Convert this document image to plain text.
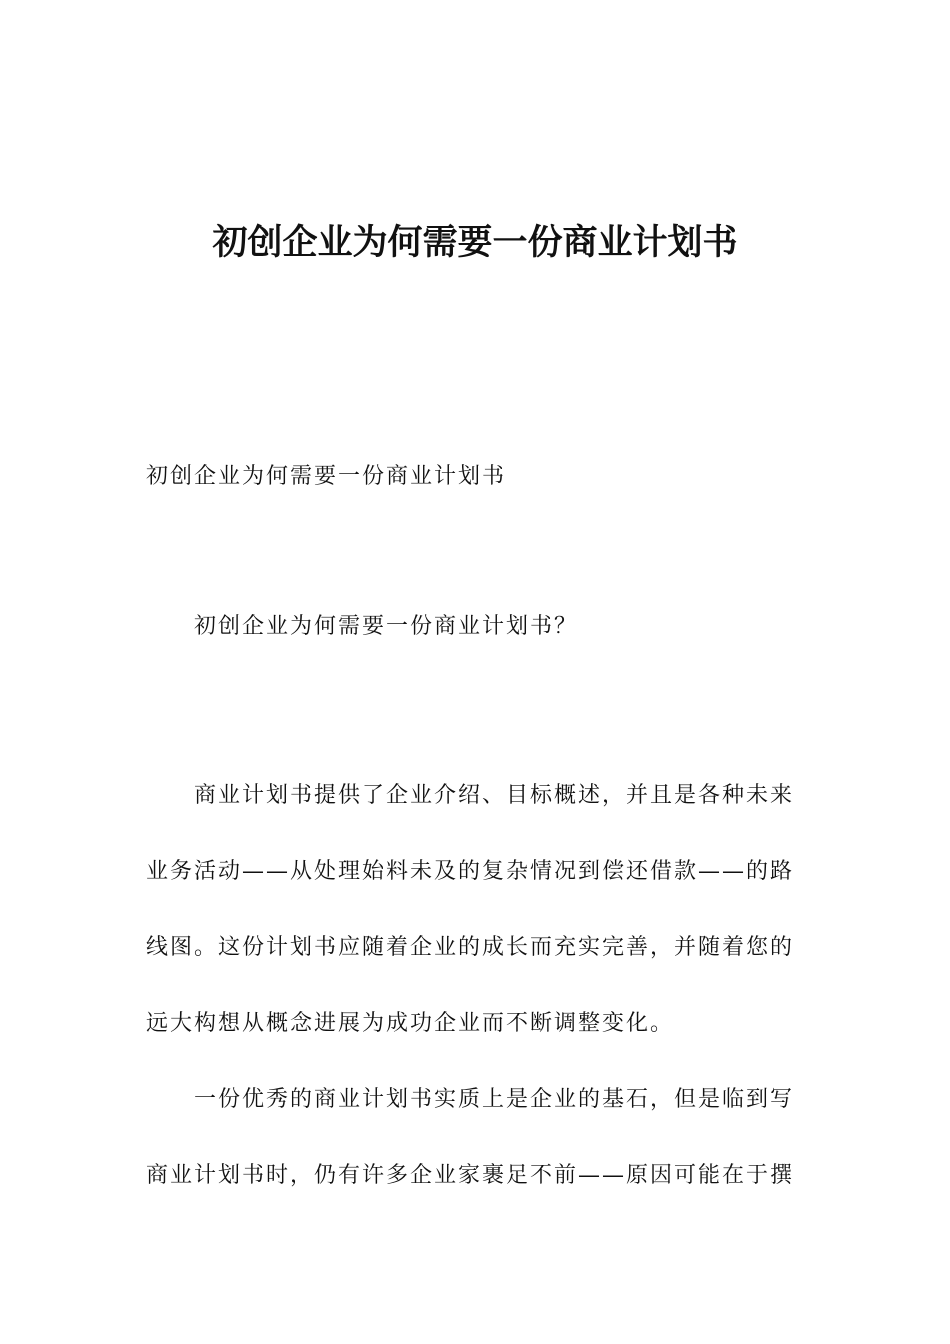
初创企业为何需要一份商业计划书

初创企业为何需要一份商业计划书

初创企业为何需要一份商业计划书？

商业计划书提供了企业介绍、目标概述，并且是各种未来
业务活动——从处理始料未及的复杂情况到偿还借款——的路
线图。这份计划书应随着企业的成长而充实完善，并随着您的
远大构想从概念进展为成功企业而不断调整变化。

一份优秀的商业计划书实质上是企业的基石，但是临到写
商业计划书时，仍有许多企业家裹足不前——原因可能在于撰
